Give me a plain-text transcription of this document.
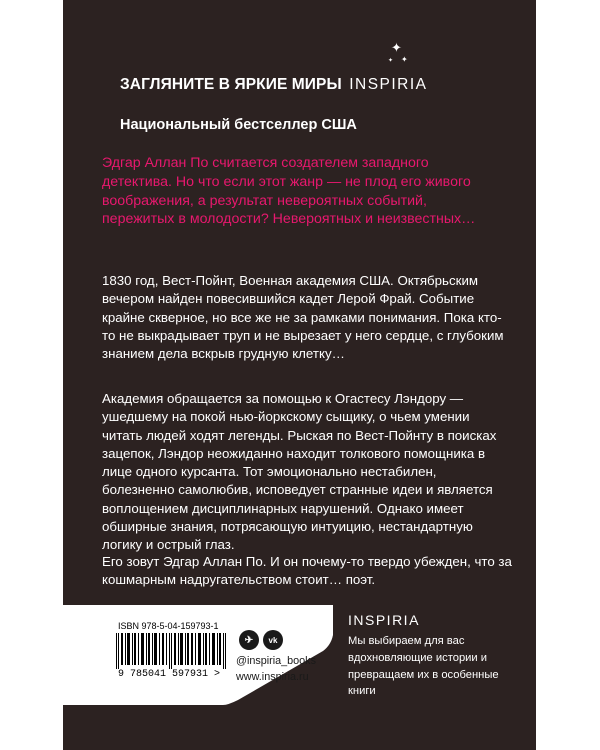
✦
✦
✦
ЗАГЛЯНИТЕ В ЯРКИЕ МИРЫ INSPIRIA
Национальный бестселлер США
Эдгар Аллан По считается создателем западного детектива. Но что если этот жанр — не плод его живого воображения, а результат невероятных событий, пережитых в молодости? Невероятных и неизвестных…
1830 год, Вест-Пойнт, Военная академия США. Октябрьским вечером найден повесившийся кадет Лерой Фрай. Событие крайне скверное, но все же не за рамками понимания. Пока кто-то не выкрадывает труп и не вырезает у него сердце, с глубоким знанием дела вскрыв грудную клетку…
Академия обращается за помощью к Огастесу Лэндору — ушедшему на покой нью-йоркскому сыщику, о чьем умении читать людей ходят легенды. Рыская по Вест-Пойнту в поисках зацепок, Лэндор неожиданно находит толкового помощника в лице одного курсанта. Тот эмоционально нестабилен, болезненно самолюбив, исповедует странные идеи и является воплощением дисциплинарных нарушений. Однако имеет обширные знания, потрясающую интуицию, нестандартную логику и острый глаз.
Его зовут Эдгар Аллан По. И он почему-то твердо убежден, что за кошмарным надругательством стоит… поэт.
ISBN 978-5-04-159793-1
9 785041 597931 >
✈	vk
@inspiria_books
www.inspiria.ru
INSPIRIA
Мы выбираем для вас вдохновляющие истории и превращаем их в особенные книги
